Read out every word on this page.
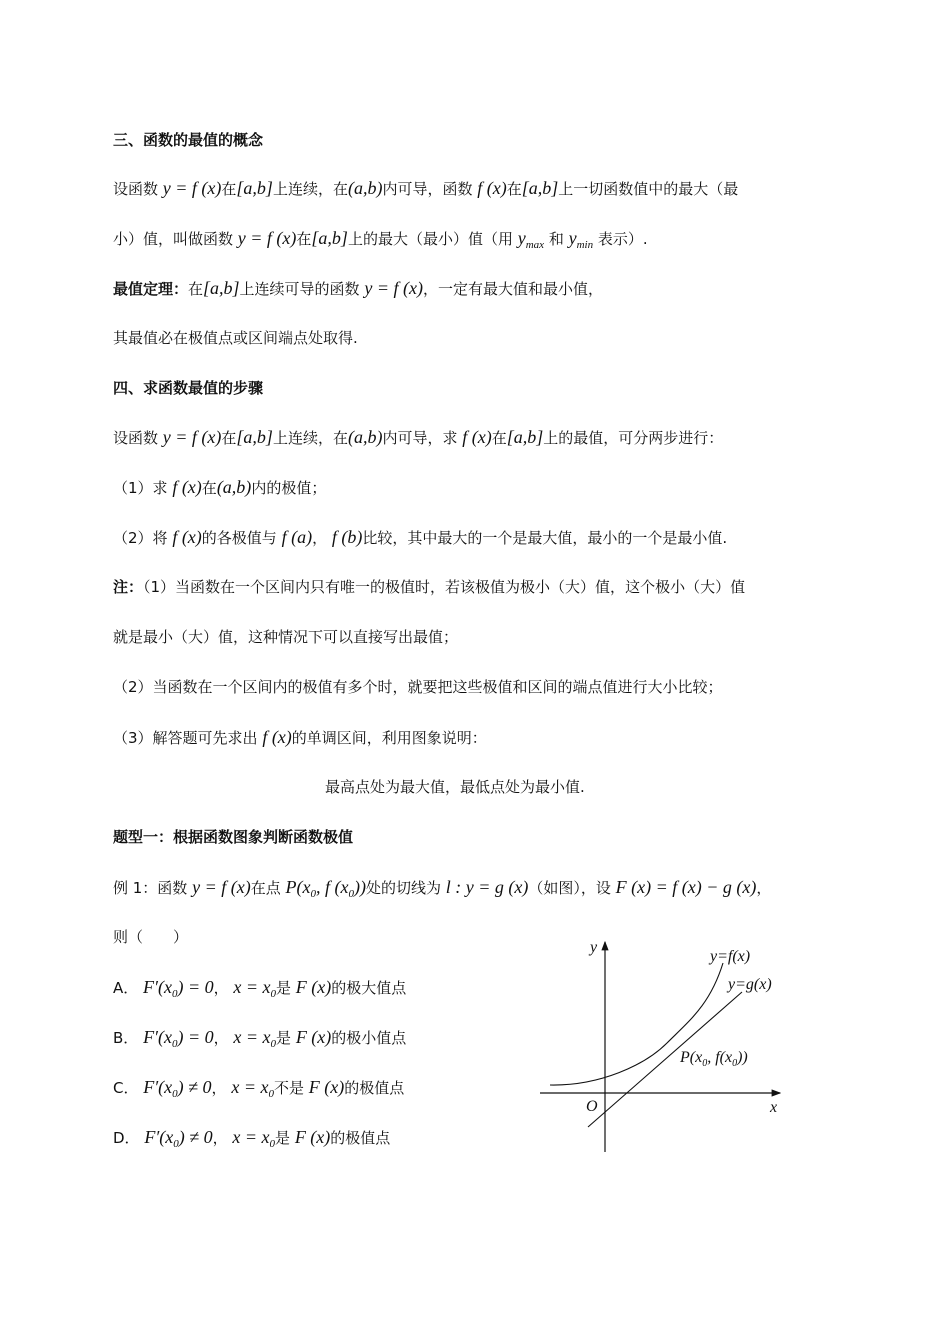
三、函数的最值的概念
设函数 y = f (x)在[a,b]上连续，在(a,b)内可导，函数 f (x)在[a,b]上一切函数值中的最大（最
小）值，叫做函数 y = f (x)在[a,b]上的最大（最小）值（用 $y_{max}$ 和 $y_{min}$ 表示）.
最值定理：在[a,b]上连续可导的函数 y = f (x)，一定有最大值和最小值，
其最值必在极值点或区间端点处取得.
四、求函数最值的步骤
设函数 y = f (x)在[a,b]上连续，在(a,b)内可导，求 f (x)在[a,b]上的最值，可分两步进行：
（1）求 f (x)在(a,b)内的极值；
（2）将 f (x)的各极值与 f (a)， f (b)比较，其中最大的一个是最大值，最小的一个是最小值.
注：（1）当函数在一个区间内只有唯一的极值时，若该极值为极小（大）值，这个极小（大）值
就是最小（大）值，这种情况下可以直接写出最值；
（2）当函数在一个区间内的极值有多个时，就要把这些极值和区间的端点值进行大小比较；
（3）解答题可先求出 f (x)的单调区间，利用图象说明：
最高点处为最大值，最低点处为最小值.
题型一：根据函数图象判断函数极值
例 1：函数 y = f (x)在点 $P(x_0$, f $(x_0)$)处的切线为 l : y = g (x)（如图），设 F (x) = f (x) − g (x)，
则（　　）
A． $F'(x_0) = 0$， $x = x_0$是 F (x)的极大值点
B． $F'(x_0) = 0$， $x = x_0$是 F (x)的极小值点
C． $F'(x_0) \ne 0$， $x = x_0$不是 F (x)的极值点
D． $F'(x_0) \ne 0$， $x = x_0$是 F (x)的极值点
y
x
O
y=f(x)
y=g(x)
$P(x_0$, $f(x_0)$)
